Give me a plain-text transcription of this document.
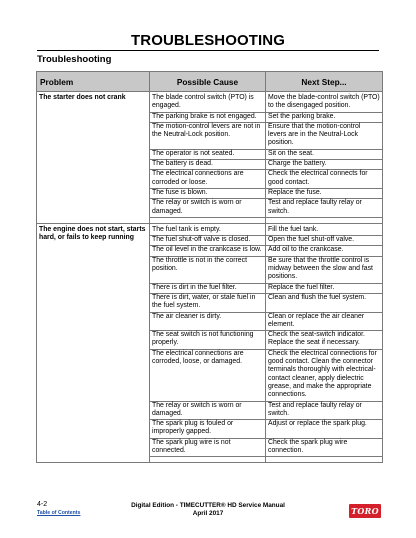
TROUBLESHOOTING
Troubleshooting
Problem	Possible Cause	Next Step...
The starter does not crank	The blade control switch (PTO) is engaged.	Move the blade-control switch (PTO) to the disengaged position.
	The parking brake is not engaged.	Set the parking brake.
	The motion-control levers are not in the Neutral-Lock position.	Ensure that the motion-control levers are in the Neutral-Lock position.
	The operator is not seated.	Sit on the seat.
	The battery is dead.	Charge the battery.
	The electrical connections are corroded or loose.	Check the electrical connects for good contact.
	The fuse is blown.	Replace the fuse.
	The relay or switch is worn or damaged.	Test and replace faulty relay or switch.

The engine does not start, starts hard, or fails to keep running	The fuel tank is empty.	Fill the fuel tank.
	The fuel shut-off valve is closed.	Open the fuel shut-off valve.
	The oil level in the crankcase is low.	Add oil to the crankcase.
	The throttle is not in the correct position.	Be sure that the throttle control is midway between the slow and fast positions.
	There is dirt in the fuel filter.	Replace the fuel filter.
	There is dirt, water, or stale fuel in the fuel system.	Clean and flush the fuel system.
	The air cleaner is dirty.	Clean or replace the air cleaner element.
	The seat switch is not functioning properly.	Check the seat-switch indicator. Replace the seat if necessary.
	The electrical connections are corroded, loose, or damaged.	Check the electrical connections for good contact. Clean the connector terminals thoroughly with electrical-contact cleaner, apply dielectric grease, and make the appropriate connections.
	The relay or switch is worn or damaged.	Test and replace faulty relay or switch.
	The spark plug is fouled or improperly gapped.	Adjust or replace the spark plug.
	The spark plug wire is not connected.	Check the spark plug wire connection.

4-2
Table of Contents
Digital Edition - TIMECUTTER® HD Service Manual
April 2017	TORO
